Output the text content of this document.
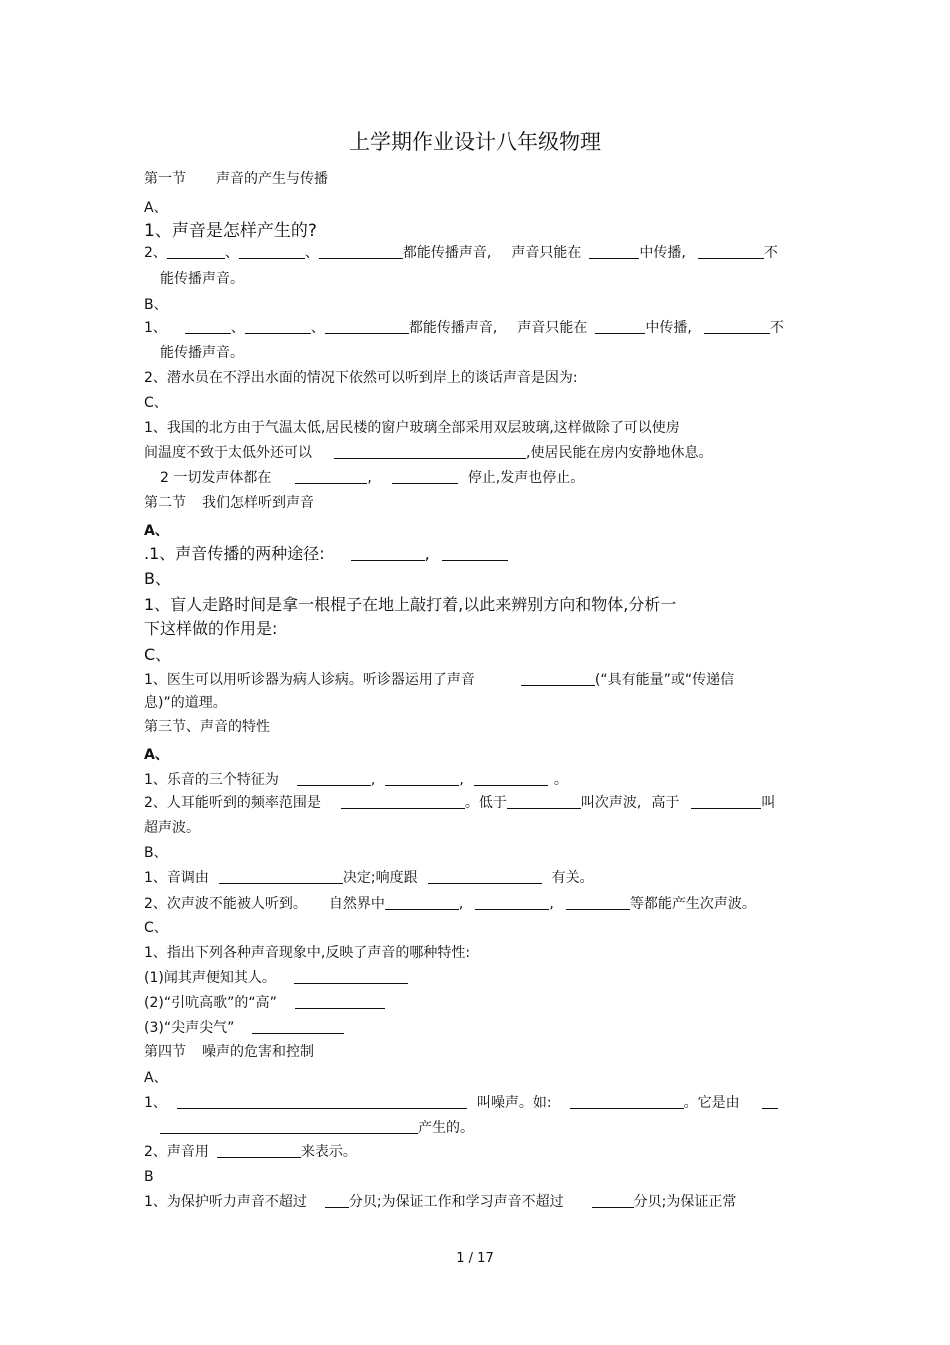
上学期作业设计八年级物理
第一节 声音的产生与传播
A、
1、声音是怎样产生的?
2、	、	、	都能传播声音, 声音只能在	中传播,	不
能传播声音。
B、
1、	、	、	都能传播声音, 声音只能在	中传播,	不
能传播声音。
2、潜水员在不浮出水面的情况下依然可以听到岸上的谈话声音是因为:
C、
1、我国的北方由于气温太低,居民楼的窗户玻璃全部采用双层玻璃,这样做除了可以使房
间温度不致于太低外还可以	,使居民能在房内安静地休息。
2 一切发声体都在	,	停止,发声也停止。
第二节 我们怎样听到声音
A、
.1、声音传播的两种途径:	,
B、
1、盲人走路时间是拿一根棍子在地上敲打着,以此来辨别方向和物体,分析一
下这样做的作用是:
C、
1、医生可以用听诊器为病人诊病。听诊器运用了声音	(“具有能量”或“传递信
息)”的道理。
第三节、声音的特性
A、
1、乐音的三个特征为	,	,	。
2、人耳能听到的频率范围是	。低于	叫次声波, 高于	叫
超声波。
B、
1、音调由	决定;响度跟	有关。
2、次声波不能被人听到。 自然界中	,	,	等都能产生次声波。
C、
1、指出下列各种声音现象中,反映了声音的哪种特性:
(1)闻其声便知其人。
(2)“引吭高歌”的“高”
(3)“尖声尖气”
第四节 噪声的危害和控制
A、
1、	叫噪声。如:	。它是由
产生的。
2、声音用	来表示。
B
1、为保护听力声音不超过	分贝;为保证工作和学习声音不超过	分贝;为保证正常
1 / 17
